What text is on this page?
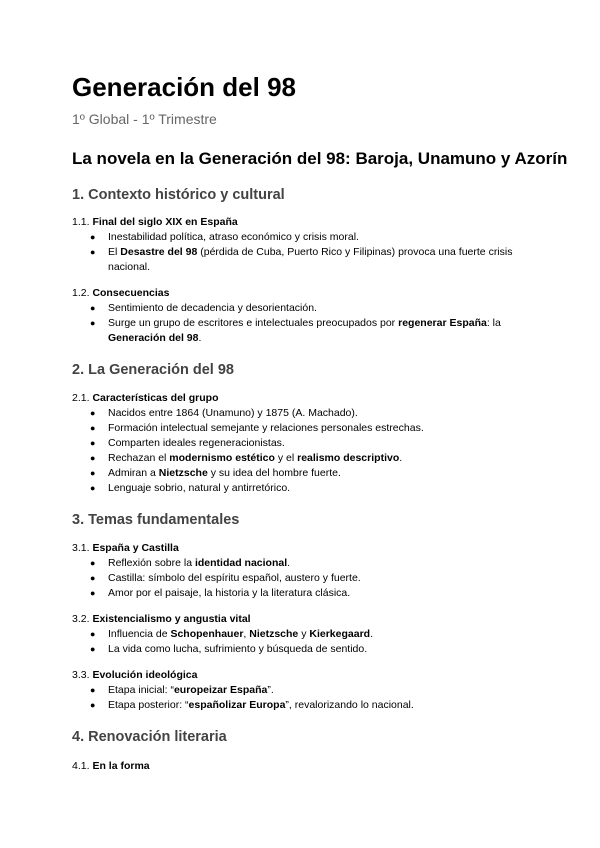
Generación del 98

1º Global - 1º Trimestre

La novela en la Generación del 98: Baroja, Unamuno y Azorín
1. Contexto histórico y cultural

1.1. Final del siglo XIX en España

● Inestabilidad política, atraso económico y crisis moral.
● El Desastre del 98 (pérdida de Cuba, Puerto Rico y Filipinas) provoca una fuerte crisis nacional.

1.2. Consecuencias

● Sentimiento de decadencia y desorientación.
● Surge un grupo de escritores e intelectuales preocupados por regenerar España: la Generación del 98.
2. La Generación del 98

2.1. Características del grupo

● Nacidos entre 1864 (Unamuno) y 1875 (A. Machado).
● Formación intelectual semejante y relaciones personales estrechas.
● Comparten ideales regeneracionistas.
● Rechazan el modernismo estético y el realismo descriptivo.
● Admiran a Nietzsche y su idea del hombre fuerte.
● Lenguaje sobrio, natural y antirretórico.
3. Temas fundamentales

3.1. España y Castilla

● Reflexión sobre la identidad nacional.
● Castilla: símbolo del espíritu español, austero y fuerte.
● Amor por el paisaje, la historia y la literatura clásica.

3.2. Existencialismo y angustia vital

● Influencia de Schopenhauer, Nietzsche y Kierkegaard.
● La vida como lucha, sufrimiento y búsqueda de sentido.

3.3. Evolución ideológica

● Etapa inicial: “europeizar España”.
● Etapa posterior: “españolizar Europa”, revalorizando lo nacional.
4. Renovación literaria

4.1. En la forma
